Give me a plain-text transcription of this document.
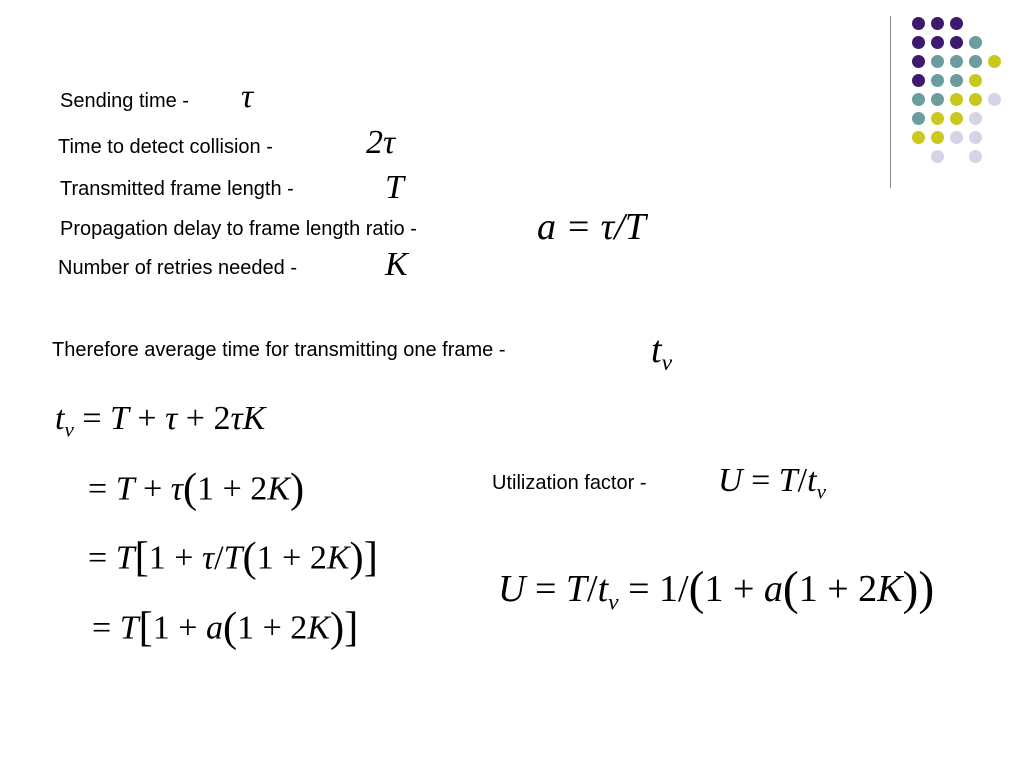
Sending time - τ
Time to detect collision -	2τ
Transmitted frame length -	T
Propagation delay to frame length ratio -	a = τ/T
Number of retries needed -	K
Therefore average time for transmitting one frame -	$t_v$
$t_v = T + \tau + 2\tau K$
= T + τ(1 + 2K)
= T[1 + τ/T(1 + 2K)]
= T[1 + a(1 + 2K)]
Utilization factor - $U = T/t_v$
$U = T/t_v = 1/(1 + a(1 + 2K))$
